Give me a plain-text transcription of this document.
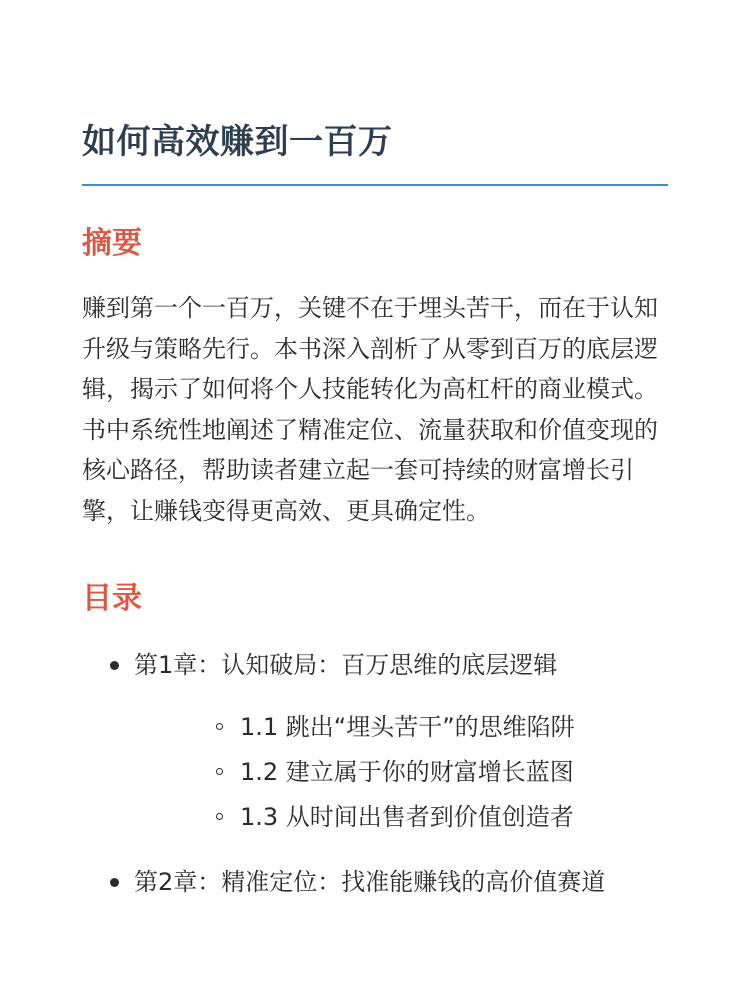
如何高效赚到一百万
摘要

赚到第一个一百万，关键不在于埋头苦干，而在于认知升级与策略先行。本书深入剖析了从零到百万的底层逻辑，揭示了如何将个人技能转化为高杠杆的商业模式。书中系统性地阐述了精准定位、流量获取和价值变现的核心路径，帮助读者建立起一套可持续的财富增长引擎，让赚钱变得更高效、更具确定性。

目录
第1章：认知破局：百万思维的底层逻辑
1.1 跳出“埋头苦干”的思维陷阱
1.2 建立属于你的财富增长蓝图
1.3 从时间出售者到价值创造者
第2章：精准定位：找准能赚钱的高价值赛道
